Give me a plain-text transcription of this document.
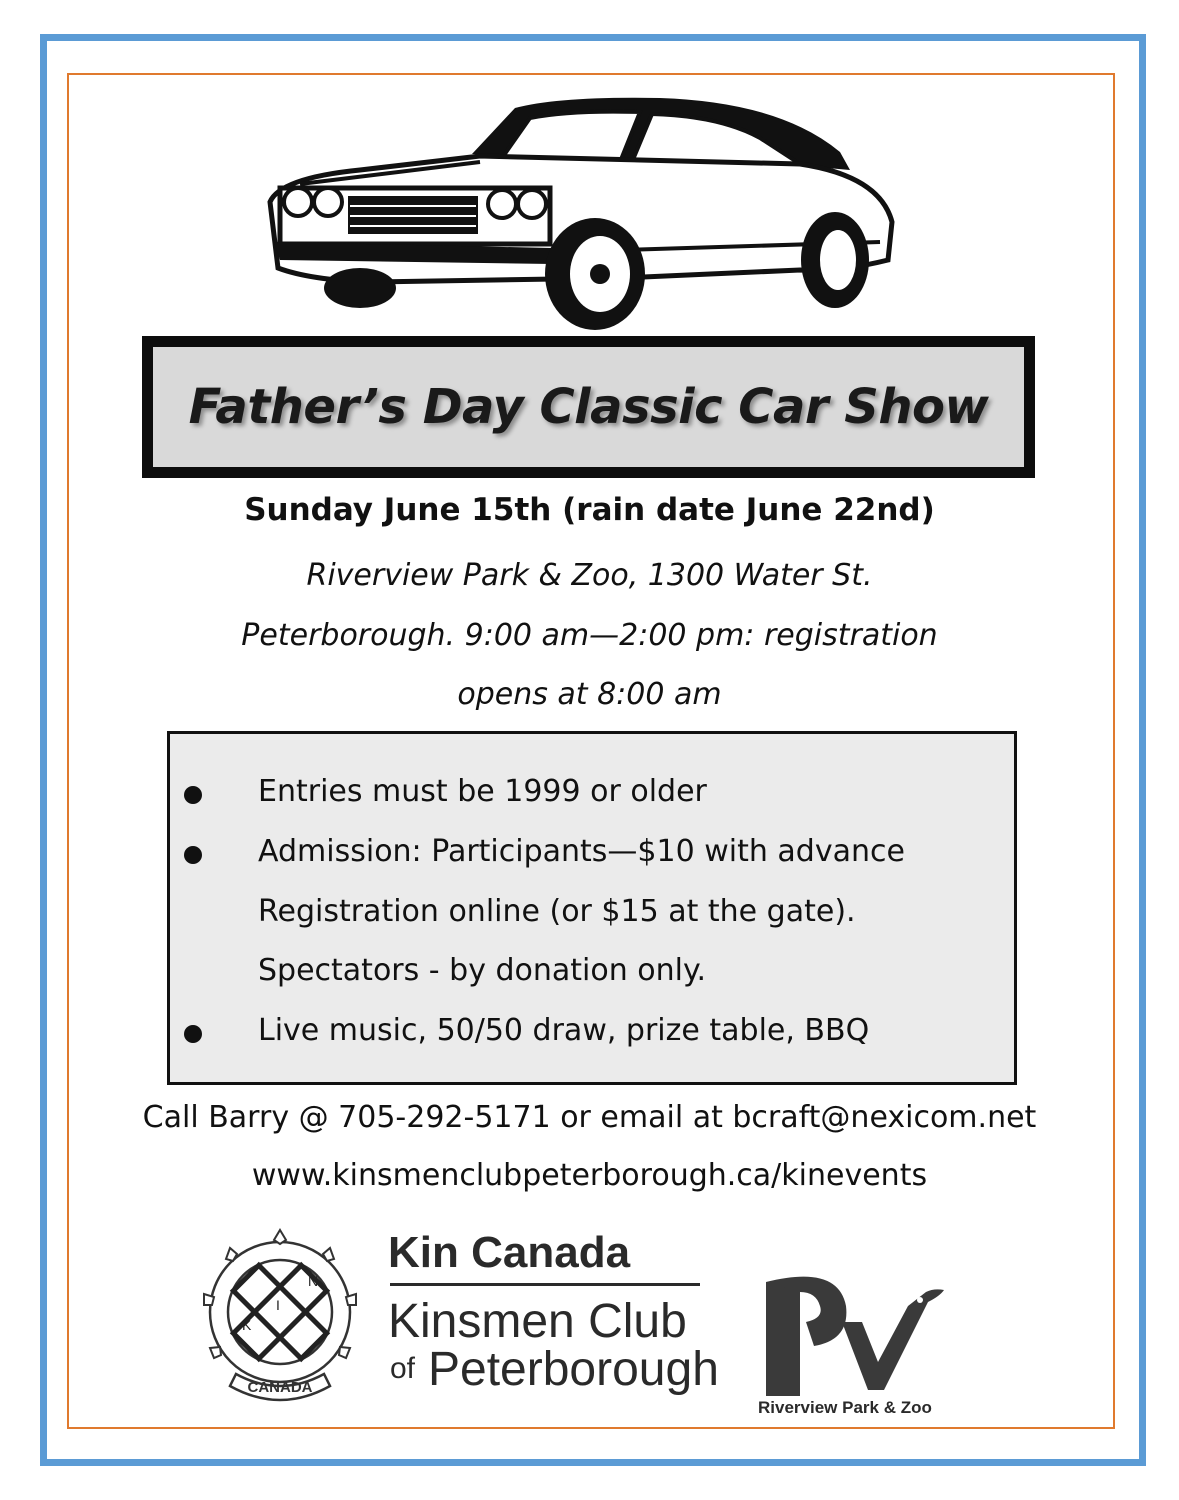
Father’s Day Classic Car Show
Sunday June 15th (rain date June 22nd)
Riverview Park & Zoo, 1300 Water St.
Peterborough. 9:00 am—2:00 pm: registration
opens at 8:00 am
Entries must be 1999 or older
Admission: Participants—$10 with advance
Registration online (or $15 at the gate).
Spectators - by donation only.
Live music, 50/50 draw, prize table, BBQ
Call Barry @ 705-292-5171 or email at bcraft@nexicom.net
www.kinsmenclubpeterborough.ca/kinevents
K
I
N
CANADA
Kin Canada
Kinsmen Club
of Peterborough
Riverview Park & Zoo
